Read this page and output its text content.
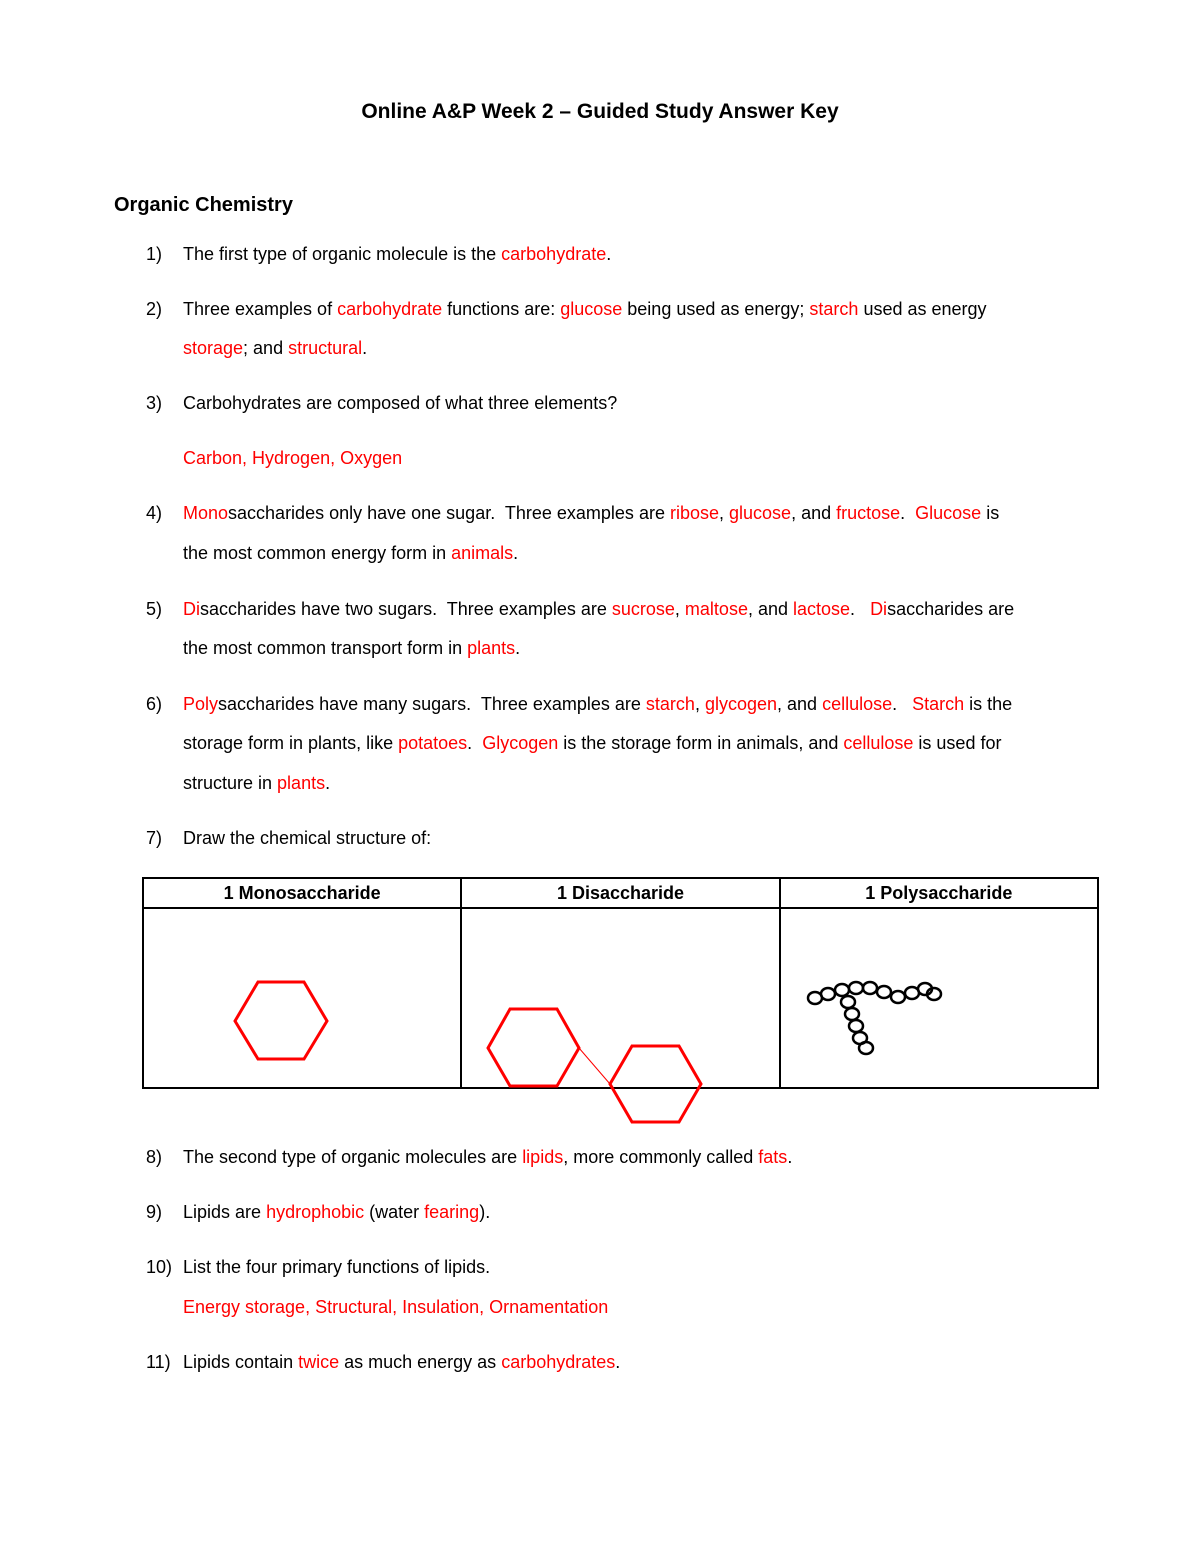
Online A&P Week 2 – Guided Study Answer Key
Organic Chemistry
1) The first type of organic molecule is the carbohydrate.
2) Three examples of carbohydrate functions are: glucose being used as energy; starch used as energy
storage; and structural.
3) Carbohydrates are composed of what three elements?
Carbon, Hydrogen, Oxygen
4) Monosaccharides only have one sugar.  Three examples are ribose, glucose, and fructose.  Glucose is
the most common energy form in animals.
5) Disaccharides have two sugars.  Three examples are sucrose, maltose, and lactose.   Disaccharides are
the most common transport form in plants.
6) Polysaccharides have many sugars.  Three examples are starch, glycogen, and cellulose.   Starch is the
storage form in plants, like potatoes.  Glycogen is the storage form in animals, and cellulose is used for
structure in plants.
7) Draw the chemical structure of:
8) The second type of organic molecules are lipids, more commonly called fats.
9) Lipids are hydrophobic (water fearing).
10) List the four primary functions of lipids.
Energy storage, Structural, Insulation, Ornamentation
11) Lipids contain twice as much energy as carbohydrates.
1 Monosaccharide	1 Disaccharide	1 Polysaccharide
